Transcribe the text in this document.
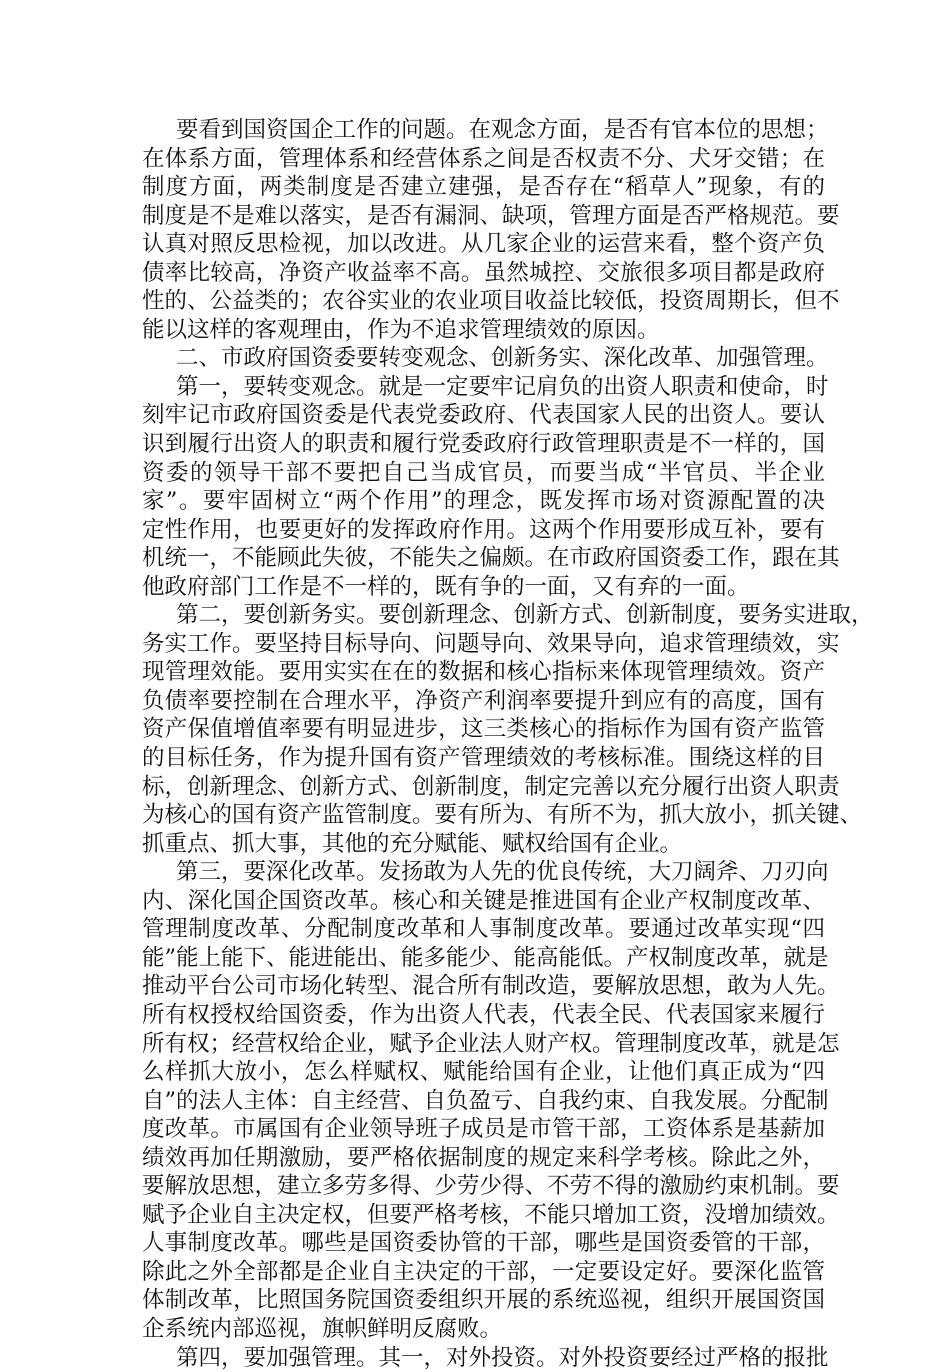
要看到国资国企工作的问题。在观念方面，是否有官本位的思想；
在体系方面，管理体系和经营体系之间是否权责不分、犬牙交错；在
制度方面，两类制度是否建立建强，是否存在“稻草人”现象，有的
制度是不是难以落实，是否有漏洞、缺项，管理方面是否严格规范。要
认真对照反思检视，加以改进。从几家企业的运营来看，整个资产负
债率比较高，净资产收益率不高。虽然城控、交旅很多项目都是政府
性的、公益类的；农谷实业的农业项目收益比较低，投资周期长，但不
能以这样的客观理由，作为不追求管理绩效的原因。
二、市政府国资委要转变观念、创新务实、深化改革、加强管理。
第一，要转变观念。就是一定要牢记肩负的出资人职责和使命，时
刻牢记市政府国资委是代表党委政府、代表国家人民的出资人。要认
识到履行出资人的职责和履行党委政府行政管理职责是不一样的，国
资委的领导干部不要把自己当成官员，而要当成“半官员、半企业
家”。要牢固树立“两个作用”的理念，既发挥市场对资源配置的决
定性作用，也要更好的发挥政府作用。这两个作用要形成互补，要有
机统一，不能顾此失彼，不能失之偏颇。在市政府国资委工作，跟在其
他政府部门工作是不一样的，既有争的一面，又有弃的一面。
第二，要创新务实。要创新理念、创新方式、创新制度，要务实进取，
务实工作。要坚持目标导向、问题导向、效果导向，追求管理绩效，实
现管理效能。要用实实在在的数据和核心指标来体现管理绩效。资产
负债率要控制在合理水平，净资产利润率要提升到应有的高度，国有
资产保值增值率要有明显进步，这三类核心的指标作为国有资产监管
的目标任务，作为提升国有资产管理绩效的考核标准。围绕这样的目
标，创新理念、创新方式、创新制度，制定完善以充分履行出资人职责
为核心的国有资产监管制度。要有所为、有所不为，抓大放小，抓关键、
抓重点、抓大事，其他的充分赋能、赋权给国有企业。
第三，要深化改革。发扬敢为人先的优良传统，大刀阔斧、刀刃向
内、深化国企国资改革。核心和关键是推进国有企业产权制度改革、
管理制度改革、分配制度改革和人事制度改革。要通过改革实现“四
能”能上能下、能进能出、能多能少、能高能低。产权制度改革，就是
推动平台公司市场化转型、混合所有制改造，要解放思想，敢为人先。
所有权授权给国资委，作为出资人代表，代表全民、代表国家来履行
所有权；经营权给企业，赋予企业法人财产权。管理制度改革，就是怎
么样抓大放小，怎么样赋权、赋能给国有企业，让他们真正成为“四
自”的法人主体：自主经营、自负盈亏、自我约束、自我发展。分配制
度改革。市属国有企业领导班子成员是市管干部，工资体系是基薪加
绩效再加任期激励，要严格依据制度的规定来科学考核。除此之外，
要解放思想，建立多劳多得、少劳少得、不劳不得的激励约束机制。要
赋予企业自主决定权，但要严格考核，不能只增加工资，没增加绩效。
人事制度改革。哪些是国资委协管的干部，哪些是国资委管的干部，
除此之外全部都是企业自主决定的干部，一定要设定好。要深化监管
体制改革，比照国务院国资委组织开展的系统巡视，组织开展国资国
企系统内部巡视，旗帜鲜明反腐败。
第四，要加强管理。其一，对外投资。对外投资要经过严格的报批
